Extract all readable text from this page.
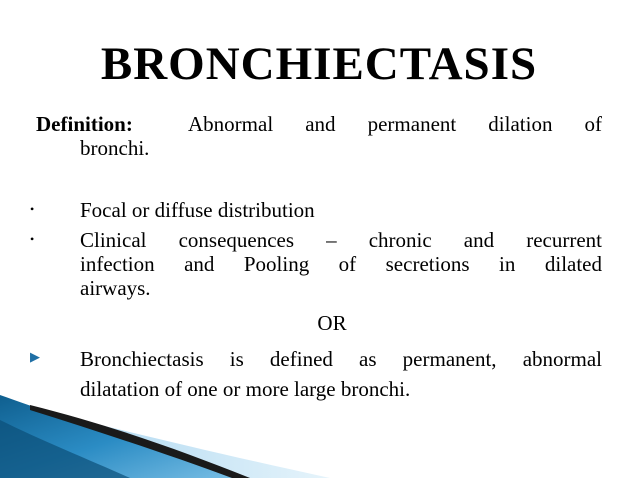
BRONCHIECTASIS
Definition:	Abnormal and permanent dilation of
bronchi.
• Focal or diffuse distribution
• Clinical consequences – chronic and recurrent
infection and Pooling of secretions in dilated
airways.
OR
▶ Bronchiectasis is defined as permanent, abnormal
dilatation of one or more large bronchi.
